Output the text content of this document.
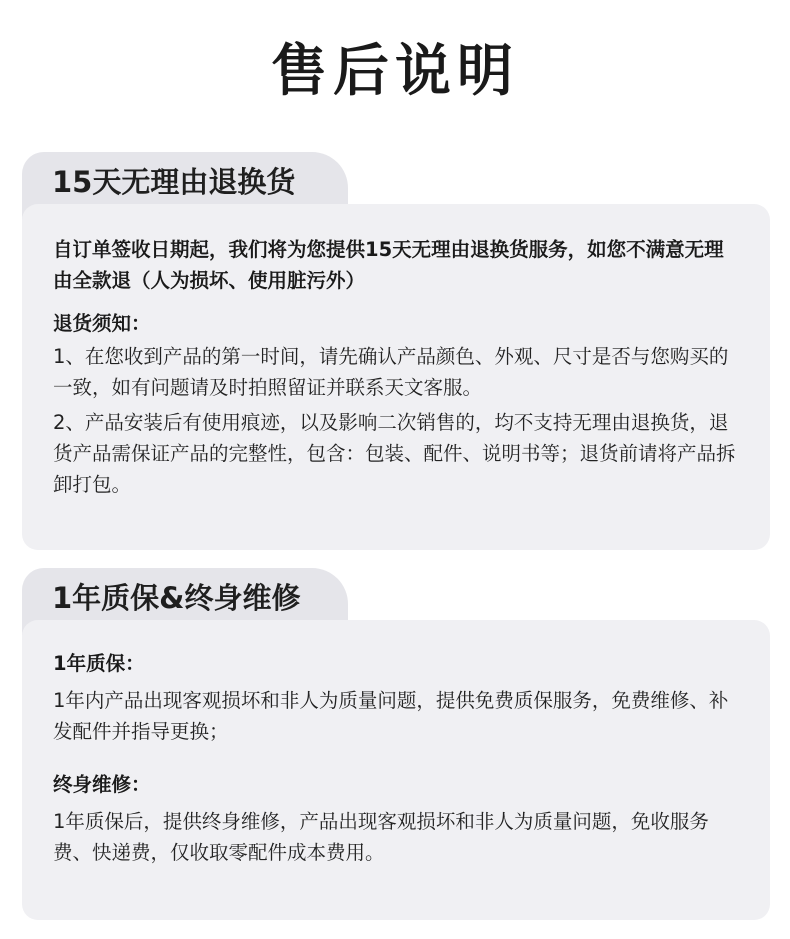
售后说明
15天无理由退换货

自订单签收日期起，我们将为您提供15天无理由退换货服务，如您不满意无理由全款退（人为损坏、使用脏污外）

退货须知：

1、在您收到产品的第一时间，请先确认产品颜色、外观、尺寸是否与您购买的一致，如有问题请及时拍照留证并联系天文客服。

2、产品安装后有使用痕迹，以及影响二次销售的，均不支持无理由退换货，退货产品需保证产品的完整性，包含：包装、配件、说明书等；退货前请将产品拆卸打包。

1年质保&终身维修

1年质保：

1年内产品出现客观损坏和非人为质量问题，提供免费质保服务，免费维修、补发配件并指导更换；

终身维修：

1年质保后，提供终身维修，产品出现客观损坏和非人为质量问题，免收服务费、快递费，仅收取零配件成本费用。
